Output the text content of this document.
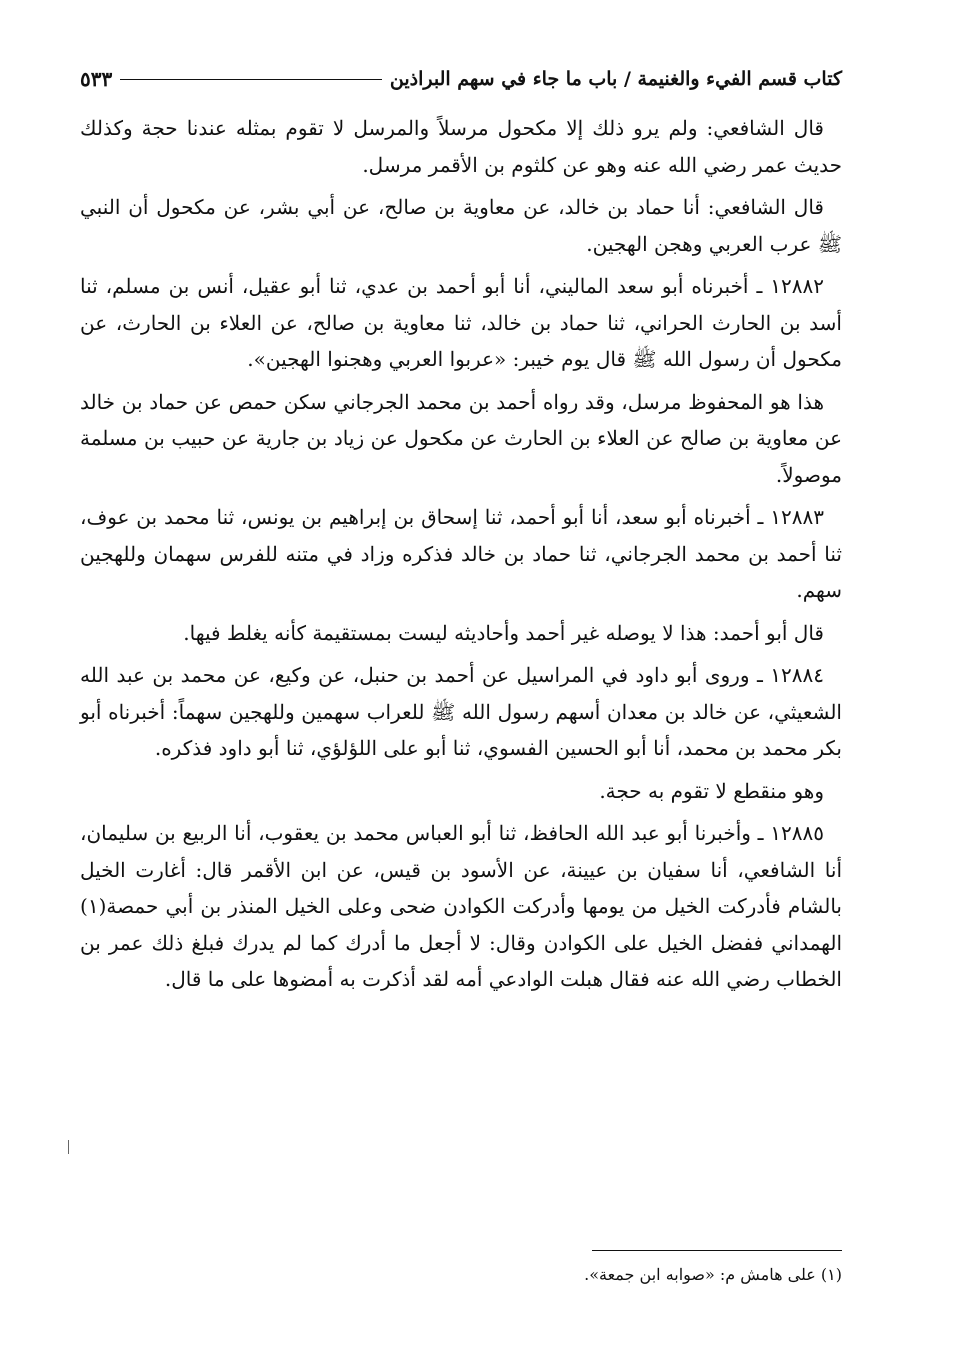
كتاب قسم الفيء والغنيمة / باب ما جاء في سهم البراذين
٥٣٣

قال الشافعي: ولم يرو ذلك إلا مكحول مرسلاً والمرسل لا تقوم بمثله عندنا حجة وكذلك حديث عمر رضي الله عنه وهو عن كلثوم بن الأقمر مرسل.

قال الشافعي: أنا حماد بن خالد، عن معاوية بن صالح، عن أبي بشر، عن مكحول أن النبي ﷺ عرب العربي وهجن الهجين.

١٢٨٨٢ ـ أخبرناه أبو سعد الماليني، أنا أبو أحمد بن عدي، ثنا أبو عقيل، أنس بن مسلم، ثنا أسد بن الحارث الحراني، ثنا حماد بن خالد، ثنا معاوية بن صالح، عن العلاء بن الحارث، عن مكحول أن رسول الله ﷺ قال يوم خيبر: «عربوا العربي وهجنوا الهجين».

هذا هو المحفوظ مرسل، وقد رواه أحمد بن محمد الجرجاني سكن حمص عن حماد بن خالد عن معاوية بن صالح عن العلاء بن الحارث عن مكحول عن زياد بن جارية عن حبيب بن مسلمة موصولاً.

١٢٨٨٣ ـ أخبرناه أبو سعد، أنا أبو أحمد، ثنا إسحاق بن إبراهيم بن يونس، ثنا محمد بن عوف، ثنا أحمد بن محمد الجرجاني، ثنا حماد بن خالد فذكره وزاد في متنه للفرس سهمان وللهجين سهم.

قال أبو أحمد: هذا لا يوصله غير أحمد وأحاديثه ليست بمستقيمة كأنه يغلط فيها.

١٢٨٨٤ ـ وروى أبو داود في المراسيل عن أحمد بن حنبل، عن وكيع، عن محمد بن عبد الله الشعيثي، عن خالد بن معدان أسهم رسول الله ﷺ للعراب سهمين وللهجين سهماً: أخبرناه أبو بكر محمد بن محمد، أنا أبو الحسين الفسوي، ثنا أبو على اللؤلؤي، ثنا أبو داود فذكره.

وهو منقطع لا تقوم به حجة.

١٢٨٨٥ ـ وأخبرنا أبو عبد الله الحافظ، ثنا أبو العباس محمد بن يعقوب، أنا الربيع بن سليمان، أنا الشافعي، أنا سفيان بن عيينة، عن الأسود بن قيس، عن ابن الأقمر قال: أغارت الخيل بالشام فأدركت الخيل من يومها وأدركت الكوادن ضحى وعلى الخيل المنذر بن أبي حمصة(١) الهمداني ففضل الخيل على الكوادن وقال: لا أجعل ما أدرك كما لم يدرك فبلغ ذلك عمر بن الخطاب رضي الله عنه فقال هبلت الوادعي أمه لقد أذكرت به أمضوها على ما قال.

(١) على هامش م: «صوابه ابن جمعة».
